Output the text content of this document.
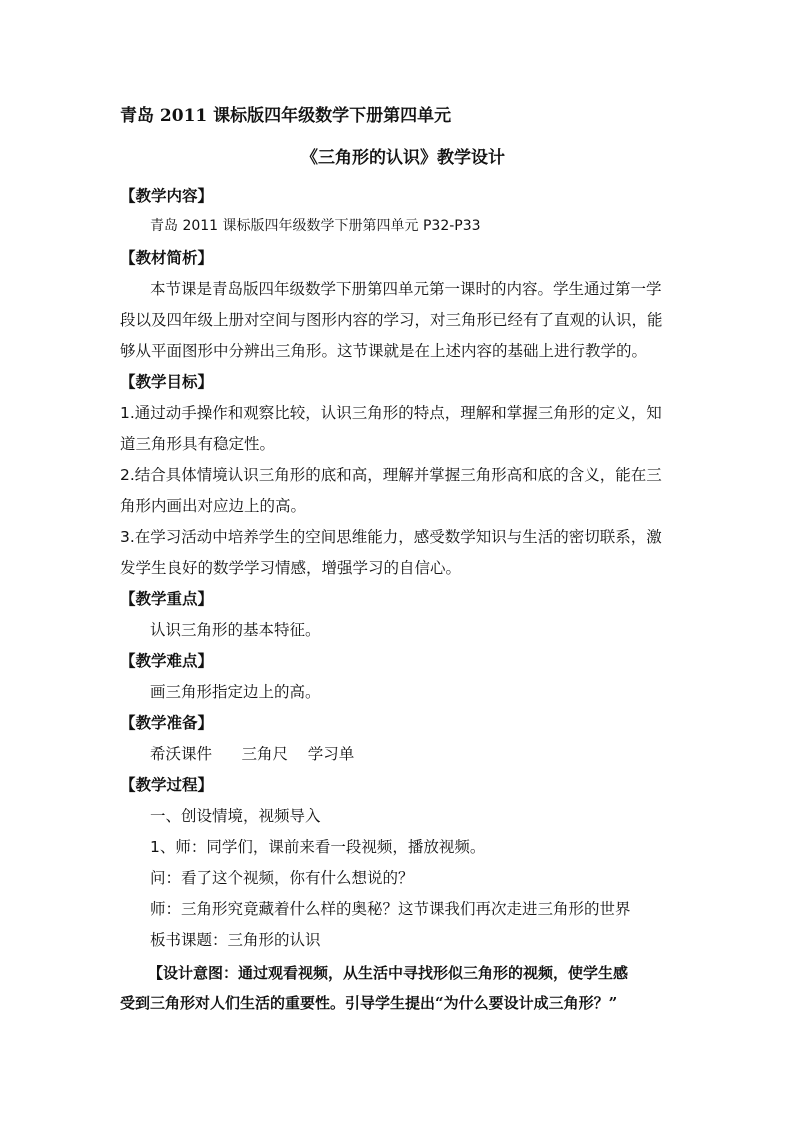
青岛 2011 课标版四年级数学下册第四单元
《三角形的认识》教学设计
【教学内容】
青岛 2011 课标版四年级数学下册第四单元 P32-P33
【教材简析】
本节课是青岛版四年级数学下册第四单元第一课时的内容。学生通过第一学
段以及四年级上册对空间与图形内容的学习，对三角形已经有了直观的认识，能
够从平面图形中分辨出三角形。这节课就是在上述内容的基础上进行教学的。
【教学目标】
1.通过动手操作和观察比较，认识三角形的特点，理解和掌握三角形的定义，知
道三角形具有稳定性。
2.结合具体情境认识三角形的底和高，理解并掌握三角形高和底的含义，能在三
角形内画出对应边上的高。
3.在学习活动中培养学生的空间思维能力，感受数学知识与生活的密切联系，激
发学生良好的数学学习情感，增强学习的自信心。
【教学重点】
认识三角形的基本特征。
【教学难点】
画三角形指定边上的高。
【教学准备】
希沃课件      三角尺    学习单
【教学过程】
一、创设情境，视频导入
1、师：同学们，课前来看一段视频，播放视频。
问：看了这个视频，你有什么想说的？
师：三角形究竟藏着什么样的奥秘？这节课我们再次走进三角形的世界
板书课题：三角形的认识
【设计意图：通过观看视频，从生活中寻找形似三角形的视频，使学生感
受到三角形对人们生活的重要性。引导学生提出“为什么要设计成三角形？”
